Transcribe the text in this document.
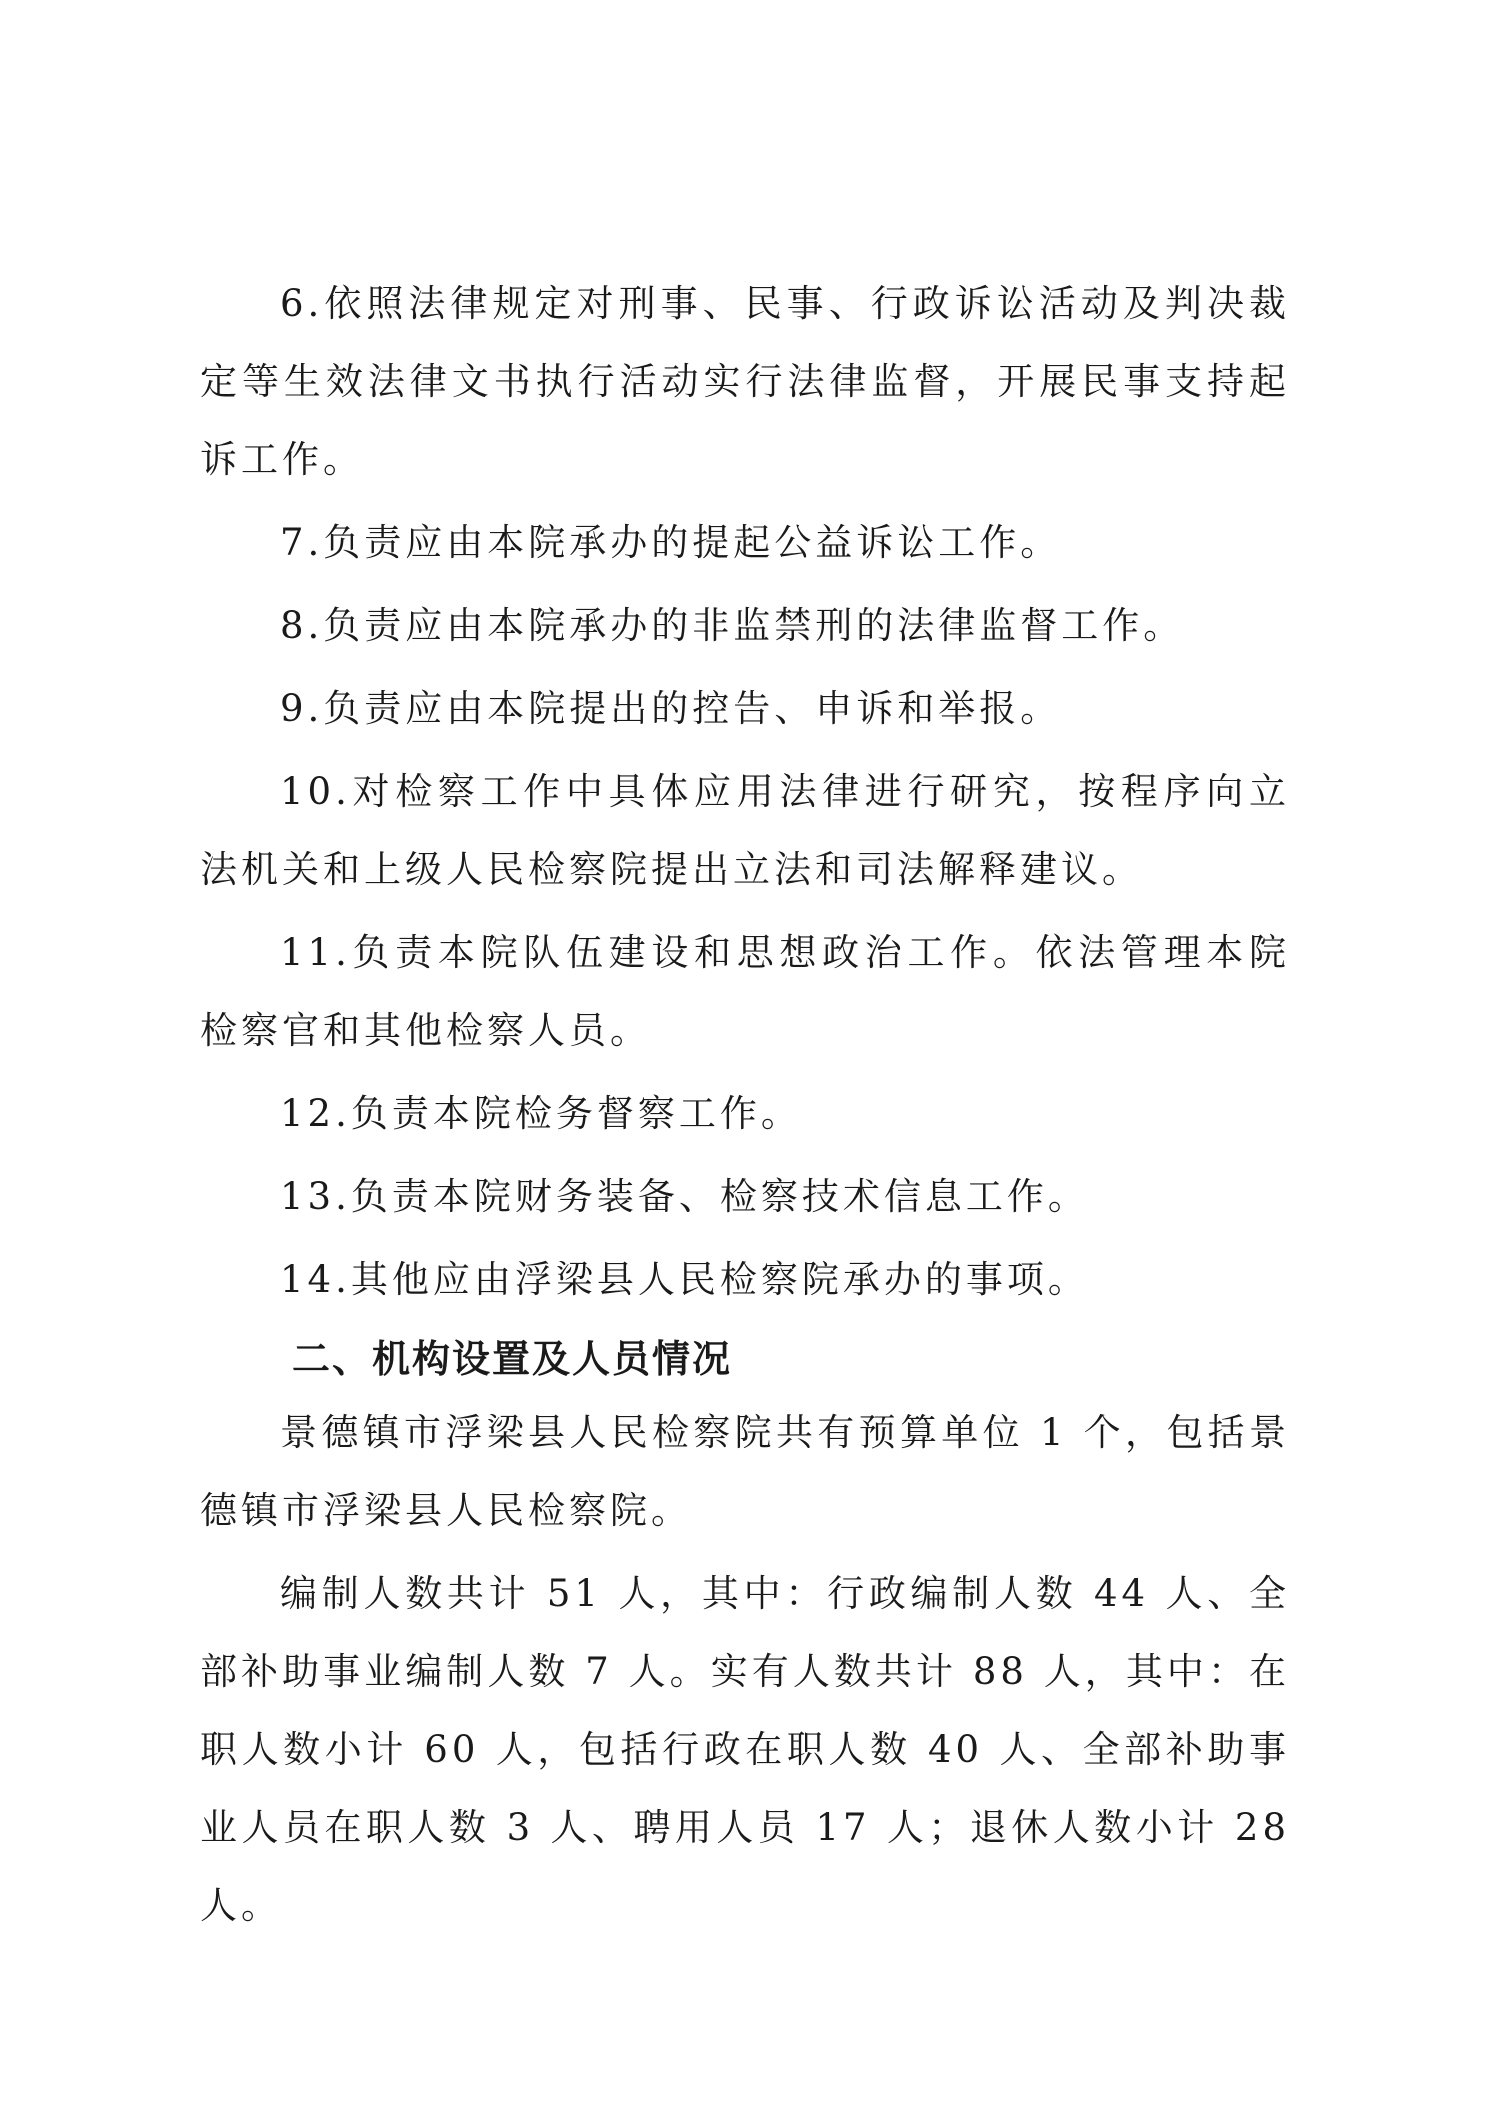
6.依照法律规定对刑事、民事、行政诉讼活动及判决裁定等生效法律文书执行活动实行法律监督，开展民事支持起诉工作。

7.负责应由本院承办的提起公益诉讼工作。

8.负责应由本院承办的非监禁刑的法律监督工作。

9.负责应由本院提出的控告、申诉和举报。

10.对检察工作中具体应用法律进行研究，按程序向立法机关和上级人民检察院提出立法和司法解释建议。

11.负责本院队伍建设和思想政治工作。依法管理本院检察官和其他检察人员。

12.负责本院检务督察工作。

13.负责本院财务装备、检察技术信息工作。

14.其他应由浮梁县人民检察院承办的事项。

二、机构设置及人员情况

景德镇市浮梁县人民检察院共有预算单位 1 个，包括景德镇市浮梁县人民检察院。

编制人数共计 51 人，其中：行政编制人数 44 人、全部补助事业编制人数 7 人。实有人数共计 88 人，其中：在职人数小计 60 人，包括行政在职人数 40 人、全部补助事业人员在职人数 3 人、聘用人员 17 人；退休人数小计 28 人。
